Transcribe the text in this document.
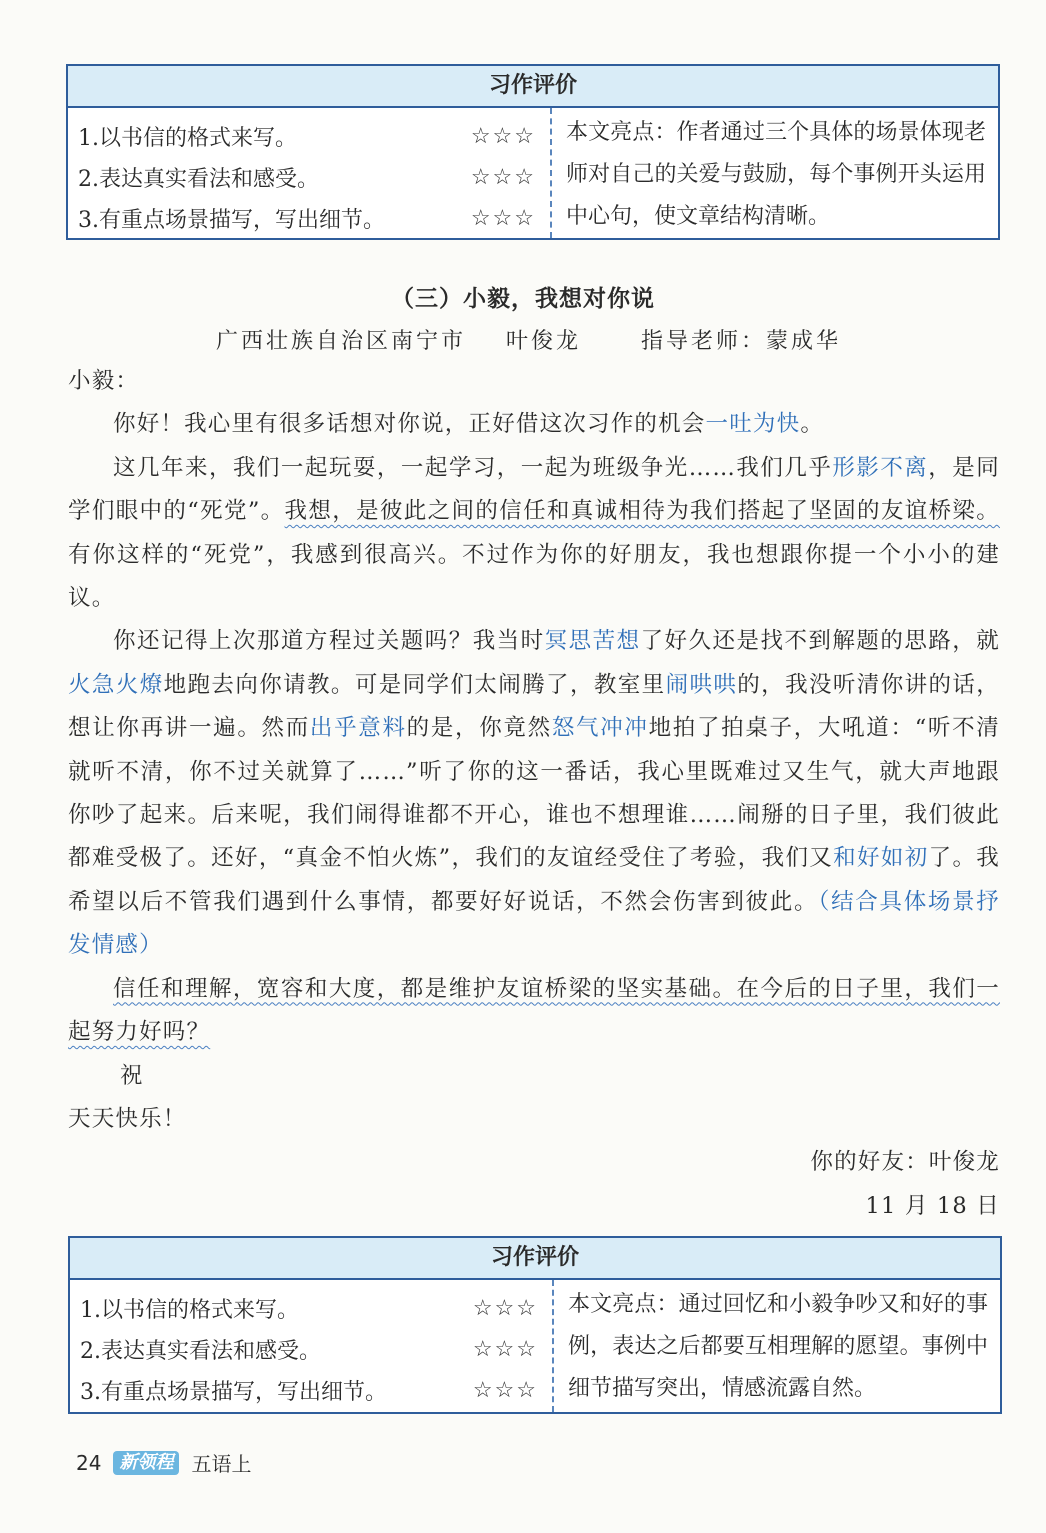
习作评价
1.以书信的格式来写。	☆☆☆
2.表达真实看法和感受。	☆☆☆
3.有重点场景描写，写出细节。	☆☆☆
本文亮点：作者通过三个具体的场景体现老师对自己的关爱与鼓励，每个事例开头运用中心句，使文章结构清晰。
（三）小毅，我想对你说
广西壮族自治区南宁市 叶俊龙	指导老师：蒙成华

小毅：

你好！我心里有很多话想对你说，正好借这次习作的机会一吐为快。

这几年来，我们一起玩耍，一起学习，一起为班级争光……我们几乎形影不离，是同学们眼中的“死党”。我想，是彼此之间的信任和真诚相待为我们搭起了坚固的友谊桥梁。有你这样的“死党”，我感到很高兴。不过作为你的好朋友，我也想跟你提一个小小的建议。

你还记得上次那道方程过关题吗？我当时冥思苦想了好久还是找不到解题的思路，就火急火燎地跑去向你请教。可是同学们太闹腾了，教室里闹哄哄的，我没听清你讲的话，想让你再讲一遍。然而出乎意料的是，你竟然怒气冲冲地拍了拍桌子，大吼道：“听不清就听不清，你不过关就算了……”听了你的这一番话，我心里既难过又生气，就大声地跟你吵了起来。后来呢，我们闹得谁都不开心，谁也不想理谁……闹掰的日子里，我们彼此都难受极了。还好，“真金不怕火炼”，我们的友谊经受住了考验，我们又和好如初了。我希望以后不管我们遇到什么事情，都要好好说话，不然会伤害到彼此。（结合具体场景抒发情感）

信任和理解，宽容和大度，都是维护友谊桥梁的坚实基础。在今后的日子里，我们一起努力好吗？

祝

天天快乐！

你的好友：叶俊龙

11 月 18 日

习作评价
1.以书信的格式来写。	☆☆☆
2.表达真实看法和感受。	☆☆☆
3.有重点场景描写，写出细节。	☆☆☆
本文亮点：通过回忆和小毅争吵又和好的事例，表达之后都要互相理解的愿望。事例中细节描写突出，情感流露自然。
24	新领程 五语上
